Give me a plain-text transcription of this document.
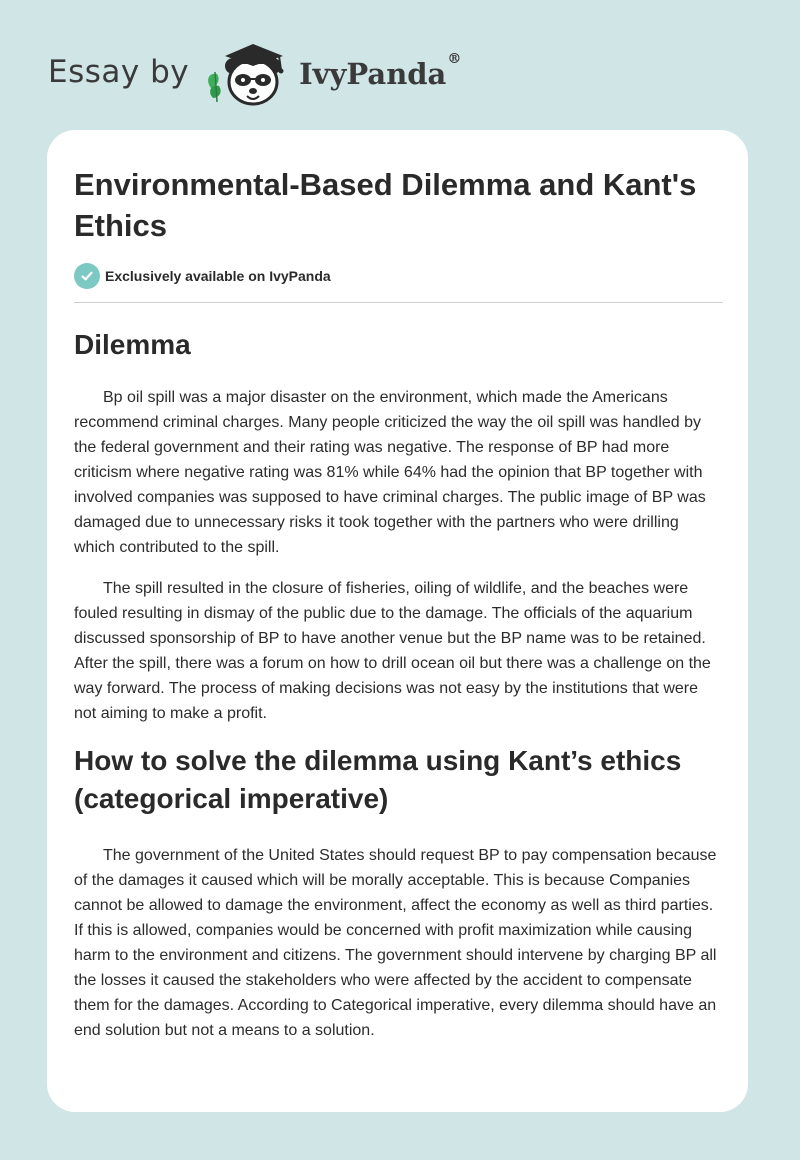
Essay by	IvyPanda®
Environmental-Based Dilemma and Kant's Ethics
Exclusively available on IvyPanda
Dilemma

Bp oil spill was a major disaster on the environment, which made the Americans recommend criminal charges. Many people criticized the way the oil spill was handled by the federal government and their rating was negative. The response of BP had more criticism where negative rating was 81% while 64% had the opinion that BP together with involved companies was supposed to have criminal charges. The public image of BP was damaged due to unnecessary risks it took together with the partners who were drilling which contributed to the spill.

The spill resulted in the closure of fisheries, oiling of wildlife, and the beaches were fouled resulting in dismay of the public due to the damage. The officials of the aquarium discussed sponsorship of BP to have another venue but the BP name was to be retained. After the spill, there was a forum on how to drill ocean oil but there was a challenge on the way forward. The process of making decisions was not easy by the institutions that were not aiming to make a profit.

How to solve the dilemma using Kant’s ethics (categorical imperative)

The government of the United States should request BP to pay compensation because of the damages it caused which will be morally acceptable. This is because Companies cannot be allowed to damage the environment, affect the economy as well as third parties. If this is allowed, companies would be concerned with profit maximization while causing harm to the environment and citizens. The government should intervene by charging BP all the losses it caused the stakeholders who were affected by the accident to compensate them for the damages. According to Categorical imperative, every dilemma should have an end solution but not a means to a solution.
